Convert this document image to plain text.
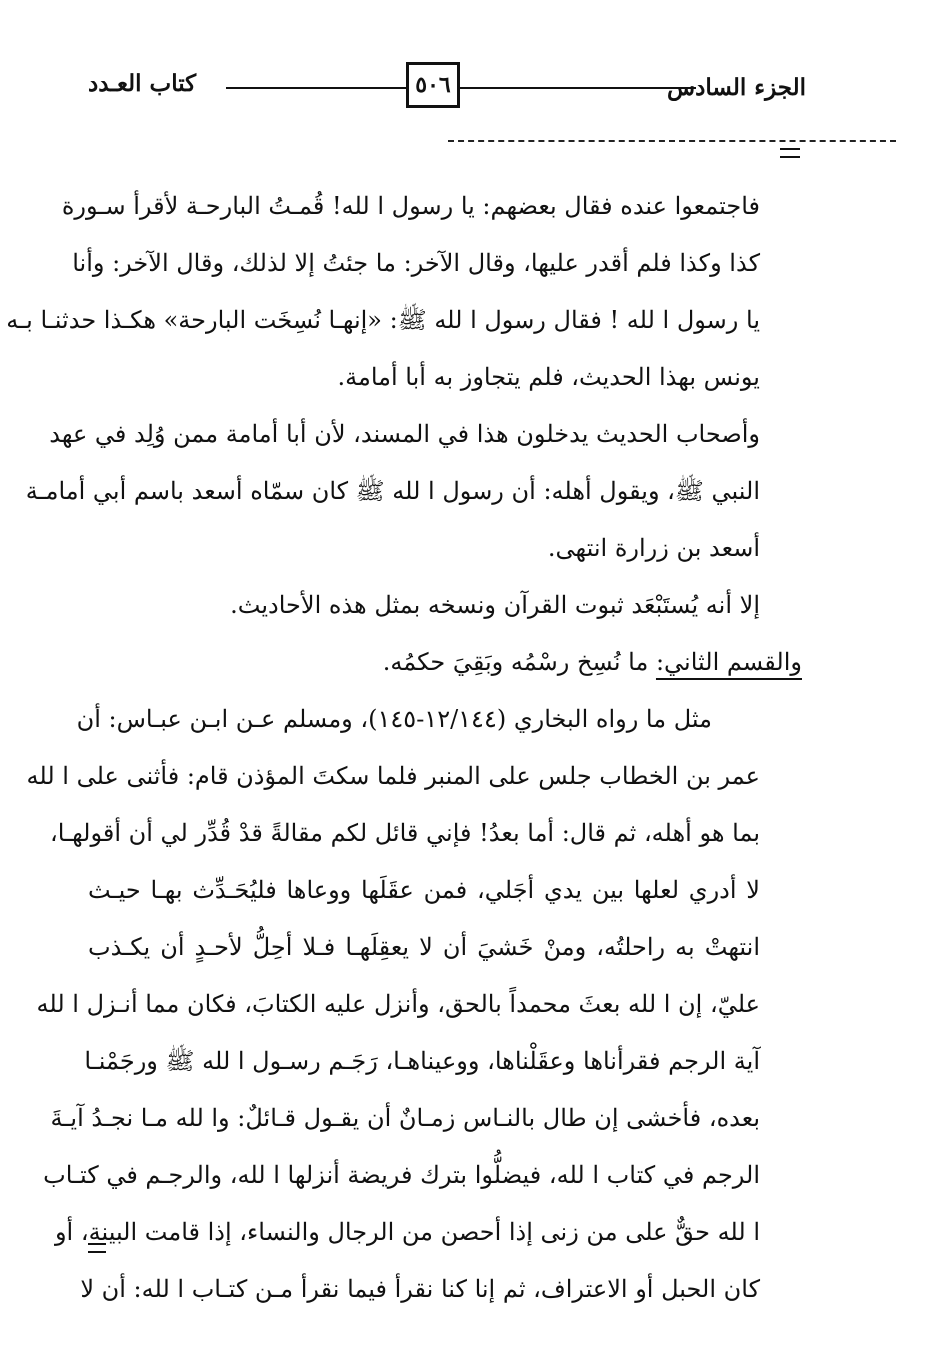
كتاب العـدد	٥٠٦	الجزء السادس
فاجتمعوا عنده فقال بعضهم: يا رسول ا لله! قُمـتُ البارحـة لأقرأ سـورة
كذا وكذا فلم أقدر عليها، وقال الآخر: ما جئتُ إلا لذلك، وقال الآخر: وأنا
يا رسول ا لله ! فقال رسول ا لله ﷺ: «إنهـا نُسِخَت البارحة» هكـذا حدثنـا بـه
يونس بهذا الحديث، فلم يتجاوز به أبا أمامة.
وأصحاب الحديث يدخلون هذا في المسند، لأن أبا أمامة ممن وُلِد في عهد
النبي ﷺ، ويقول أهله: أن رسول ا لله ﷺ كان سمّاه أسعد باسم أبي أمامـة
أسعد بن زرارة انتهى.
إلا أنه يُستَبْعَد ثبوت القرآن ونسخه بمثل هذه الأحاديث.
والقسم الثاني: ما نُسِخ رسْمُه وبَقِيَ حكمُه.
مثل ما رواه البخاري (١٢/١٤٤-١٤٥)، ومسلم عـن ابـن عبـاس: أن
عمر بن الخطاب جلس على المنبر فلما سكتَ المؤذن قام: فأثنى على ا لله
بما هو أهله، ثم قال: أما بعدُ! فإني قائل لكم مقالةً قدْ قُدِّر لي أن أقولهـا،
لا أدري لعلها بين يدي أجَلي، فمن عقَلَها ووعاها فليُحَـدِّث بهـا حيـث
انتهتْ به راحلتُه، ومنْ خَشيَ أن لا يعقِلَهـا فـلا أحِلُّ لأحـدٍ أن يكـذب
عليّ، إن ا لله بعثَ محمداً بالحق، وأنزل عليه الكتابَ، فكان مما أنـزل ا لله
آية الرجم فقرأناها وعقَلْناها، ووعيناهـا، رَجَـم رسـول ا لله ﷺ ورجَمْنـا
بعده، فأخشى إن طال بالنـاس زمـانٌ أن يقـول قـائلٌ: وا لله مـا نجـدُ آيـةَ
الرجم في كتاب ا لله، فيضلُّوا بترك فريضة أنزلها ا لله، والرجـم في كتـاب
ا لله حقٌّ على من زنى إذا أحصن من الرجال والنساء، إذا قامت البينة، أو
كان الحبل أو الاعتراف، ثم إنا كنا نقرأ فيما نقرأ مـن كتـاب ا لله: أن لا
